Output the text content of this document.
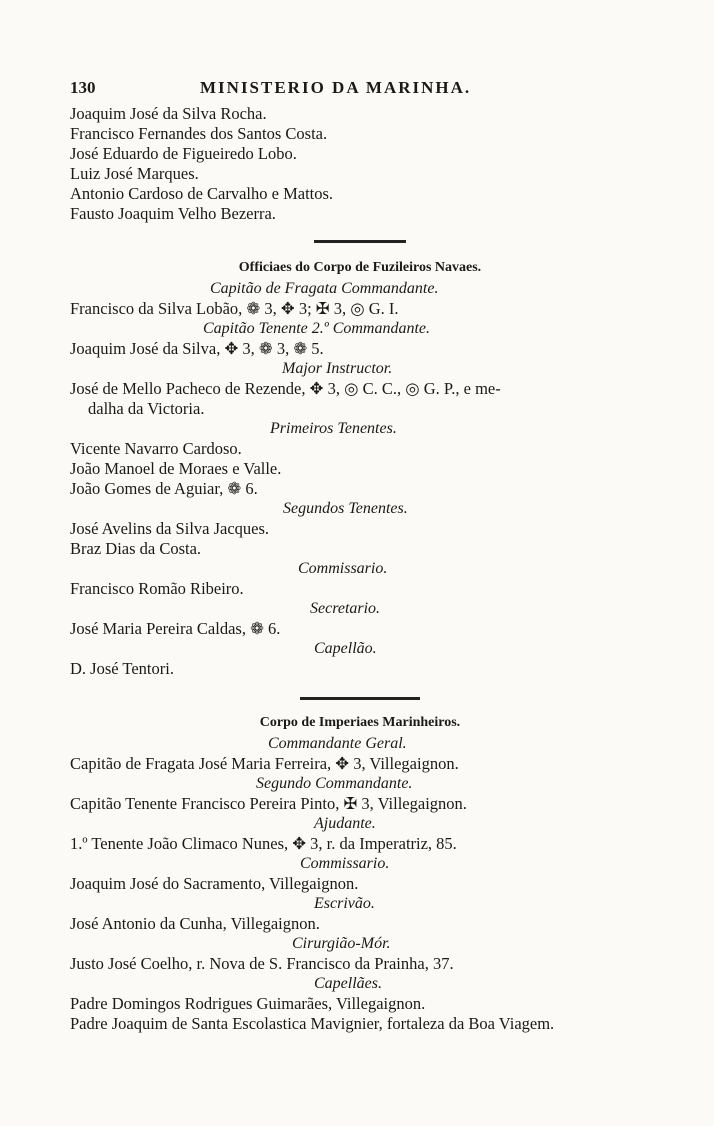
130	MINISTERIO DA MARINHA.
Joaquim José da Silva Rocha.
Francisco Fernandes dos Santos Costa.
José Eduardo de Figueiredo Lobo.
Luiz José Marques.
Antonio Cardoso de Carvalho e Mattos.
Fausto Joaquim Velho Bezerra.
Officiaes do Corpo de Fuzileiros Navaes.
Capitão de Fragata Commandante.
Francisco da Silva Lobão, ❁ 3, ✥ 3; ✠ 3, ◎ G. I.
Capitão Tenente 2.º Commandante.
Joaquim José da Silva, ✥ 3, ❁ 3, ❁ 5.
Major Instructor.
José de Mello Pacheco de Rezende, ✥ 3, ◎ C. C., ◎ G. P., e me-
dalha da Victoria.
Primeiros Tenentes.
Vicente Navarro Cardoso.
João Manoel de Moraes e Valle.
João Gomes de Aguiar, ❁ 6.
Segundos Tenentes.
José Avelins da Silva Jacques.
Braz Dias da Costa.
Commissario.
Francisco Romão Ribeiro.
Secretario.
José Maria Pereira Caldas, ❁ 6.
Capellão.
D. José Tentori.
Corpo de Imperiaes Marinheiros.
Commandante Geral.
Capitão de Fragata José Maria Ferreira, ✥ 3, Villegaignon.
Segundo Commandante.
Capitão Tenente Francisco Pereira Pinto, ✠ 3, Villegaignon.
Ajudante.
1.º Tenente João Climaco Nunes, ✥ 3, r. da Imperatriz, 85.
Commissario.
Joaquim José do Sacramento, Villegaignon.
Escrivão.
José Antonio da Cunha, Villegaignon.
Cirurgião-Mór.
Justo José Coelho, r. Nova de S. Francisco da Prainha, 37.
Capellães.
Padre Domingos Rodrigues Guimarães, Villegaignon.
Padre Joaquim de Santa Escolastica Mavignier, fortaleza da Boa Viagem.
